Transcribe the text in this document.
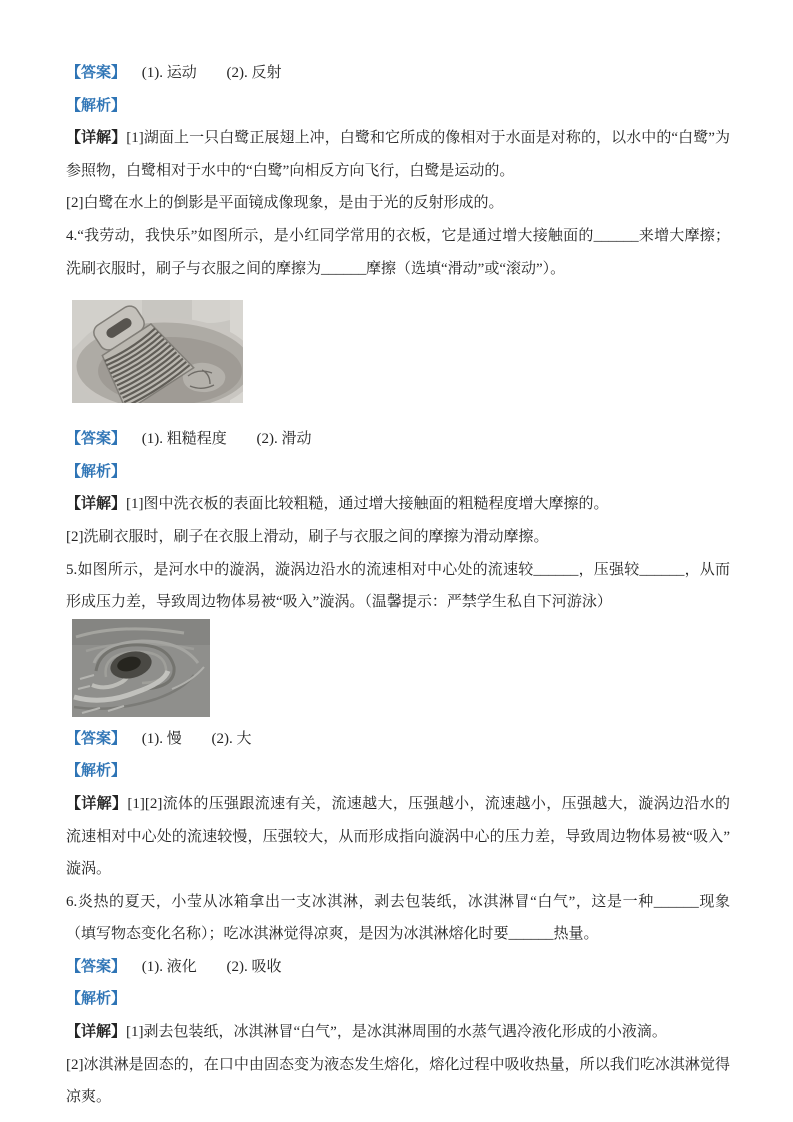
【答案】 (1). 运动 (2). 反射

【解析】

【详解】[1]湖面上一只白鹭正展翅上冲，白鹭和它所成的像相对于水面是对称的，以水中的“白鹭”为参照物，白鹭相对于水中的“白鹭”向相反方向飞行，白鹭是运动的。

[2]白鹭在水上的倒影是平面镜成像现象，是由于光的反射形成的。

4.“我劳动，我快乐”如图所示，是小红同学常用的衣板，它是通过增大接触面的______来增大摩擦；洗刷衣服时，刷子与衣服之间的摩擦为______摩擦（选填“滑动”或“滚动”）。

【答案】 (1). 粗糙程度 (2). 滑动

【解析】

【详解】[1]图中洗衣板的表面比较粗糙，通过增大接触面的粗糙程度增大摩擦的。

[2]洗刷衣服时，刷子在衣服上滑动，刷子与衣服之间的摩擦为滑动摩擦。

5.如图所示，是河水中的漩涡，漩涡边沿水的流速相对中心处的流速较______，压强较______，从而形成压力差，导致周边物体易被“吸入”漩涡。（温馨提示：严禁学生私自下河游泳）

【答案】 (1). 慢 (2). 大

【解析】

【详解】[1][2]流体的压强跟流速有关，流速越大，压强越小，流速越小，压强越大，漩涡边沿水的流速相对中心处的流速较慢，压强较大，从而形成指向漩涡中心的压力差，导致周边物体易被“吸入”漩涡。

6.炎热的夏天，小莹从冰箱拿出一支冰淇淋，剥去包装纸，冰淇淋冒“白气”，这是一种______现象（填写物态变化名称）；吃冰淇淋觉得凉爽，是因为冰淇淋熔化时要______热量。

【答案】 (1). 液化 (2). 吸收

【解析】

【详解】[1]剥去包装纸，冰淇淋冒“白气”，是冰淇淋周围的水蒸气遇冷液化形成的小液滴。

[2]冰淇淋是固态的，在口中由固态变为液态发生熔化，熔化过程中吸收热量，所以我们吃冰淇淋觉得凉爽。
